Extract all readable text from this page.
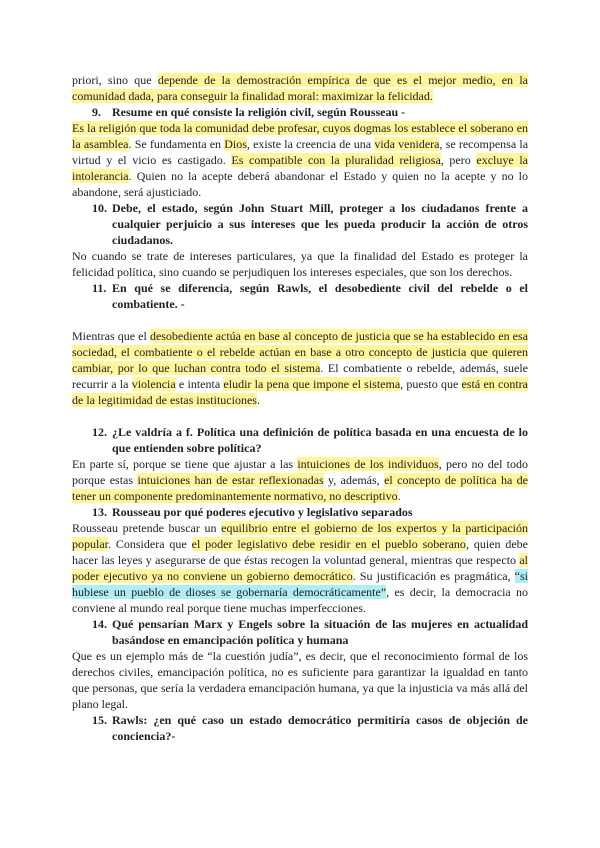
priori, sino que depende de la demostración empírica de que es el mejor medio, en la comunidad dada, para conseguir la finalidad moral: maximizar la felicidad.

9. Resume en qué consiste la religión civil, según Rousseau -

Es la religión que toda la comunidad debe profesar, cuyos dogmas los establece el soberano en la asamblea. Se fundamenta en Dios, existe la creencia de una vida venidera, se recompensa la virtud y el vicio es castigado. Es compatible con la pluralidad religiosa, pero excluye la intolerancia. Quien no la acepte deberá abandonar el Estado y quien no la acepte y no lo abandone, será ajusticiado.

10. Debe, el estado, según John Stuart Mill, proteger a los ciudadanos frente a cualquier perjuicio a sus intereses que les pueda producir la acción de otros ciudadanos.

No cuando se trate de intereses particulares, ya que la finalidad del Estado es proteger la felicidad política, sino cuando se perjudiquen los intereses especiales, que son los derechos.

11. En qué se diferencia, según Rawls, el desobediente civil del rebelde o el combatiente. -

Mientras que el desobediente actúa en base al concepto de justicia que se ha establecido en esa sociedad, el combatiente o el rebelde actúan en base a otro concepto de justicia que quieren cambiar, por lo que luchan contra todo el sistema. El combatiente o rebelde, además, suele recurrir a la violencia e intenta eludir la pena que impone el sistema, puesto que está en contra de la legitimidad de estas instituciones.

12. ¿Le valdría a f. Política una definición de política basada en una encuesta de lo que entienden sobre política?

En parte sí, porque se tiene que ajustar a las intuiciones de los individuos, pero no del todo porque estas intuiciones han de estar reflexionadas y, además, el concepto de política ha de tener un componente predominantemente normativo, no descriptivo.

13. Rousseau por qué poderes ejecutivo y legislativo separados

Rousseau pretende buscar un equilibrio entre el gobierno de los expertos y la participación popular. Considera que el poder legislativo debe residir en el pueblo soberano, quien debe hacer las leyes y asegurarse de que éstas recogen la voluntad general, mientras que respecto al poder ejecutivo ya no conviene un gobierno democrático. Su justificación es pragmática, “si hubiese un pueblo de dioses se gobernaría democráticamente”, es decir, la democracia no conviene al mundo real porque tiene muchas imperfecciones.

14. Qué pensarían Marx y Engels sobre la situación de las mujeres en actualidad basándose en emancipación política y humana

Que es un ejemplo más de “la cuestión judía”, es decir, que el reconocimiento formal de los derechos civiles, emancipación política, no es suficiente para garantizar la igualdad en tanto que personas, que sería la verdadera emancipación humana, ya que la injusticia va más allá del plano legal.

15. Rawls: ¿en qué caso un estado democrático permitiría casos de objeción de conciencia?-
